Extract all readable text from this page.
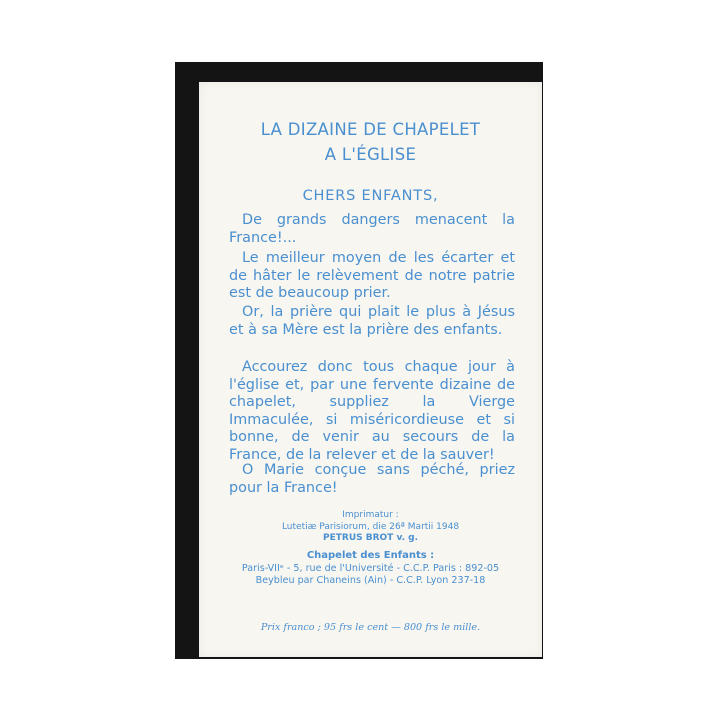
LA DIZAINE DE CHAPELET
A L'ÉGLISE
CHERS ENFANTS,
De grands dangers menacent la France!...
Le meilleur moyen de les écarter et de hâter le relèvement de notre patrie est de beaucoup prier.
Or, la prière qui plait le plus à Jésus et à sa Mère est la prière des enfants.
Accourez donc tous chaque jour à l'église et, par une fervente dizaine de chapelet, suppliez la Vierge Immaculée, si miséricordieuse et si bonne, de venir au secours de la France, de la relever et de la sauver!
O Marie conçue sans péché, priez pour la France!
Imprimatur :
Lutetiæ Parisiorum, die 26ª Martii 1948
PETRUS BROT v. g.
Chapelet des Enfants :
Paris-VIIᵉ - 5, rue de l'Université - C.C.P. Paris : 892-05
Beybleu par Chaneins (Ain) - C.C.P. Lyon 237-18
Prix franco ; 95 frs le cent — 800 frs le mille.
